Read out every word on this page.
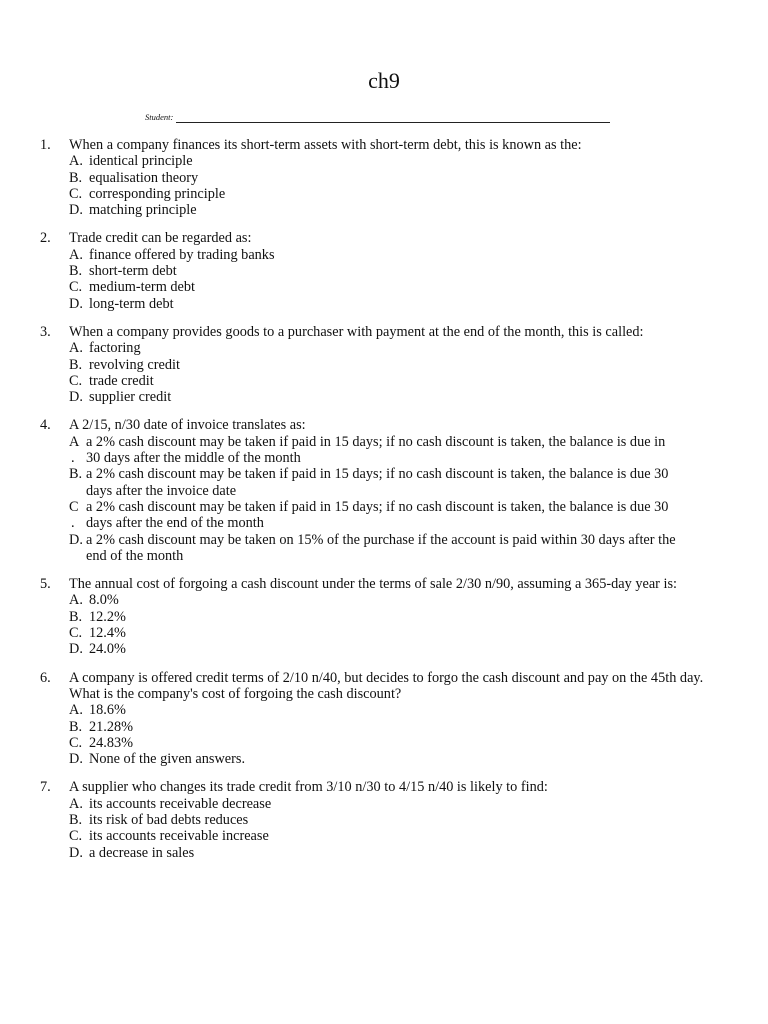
ch9
Student:
1. When a company finances its short-term assets with short-term debt, this is known as the:
A. identical principle
B. equalisation theory
C. corresponding principle
D. matching principle
2. Trade credit can be regarded as:
A. finance offered by trading banks
B. short-term debt
C. medium-term debt
D. long-term debt
3. When a company provides goods to a purchaser with payment at the end of the month, this is called:
A. factoring
B. revolving credit
C. trade credit
D. supplier credit
4. A 2/15, n/30 date of invoice translates as:
A
.
a 2% cash discount may be taken if paid in 15 days; if no cash discount is taken, the balance is due in
30 days after the middle of the month
B. a 2% cash discount may be taken if paid in 15 days; if no cash discount is taken, the balance is due 30
days after the invoice date
C
.
a 2% cash discount may be taken if paid in 15 days; if no cash discount is taken, the balance is due 30
days after the end of the month
D. a 2% cash discount may be taken on 15% of the purchase if the account is paid within 30 days after the
end of the month
5. The annual cost of forgoing a cash discount under the terms of sale 2/30 n/90, assuming a 365-day year is:
A. 8.0%
B. 12.2%
C. 12.4%
D. 24.0%
6. A company is offered credit terms of 2/10 n/40, but decides to forgo the cash discount and pay on the 45th day. What is the company's cost of forgoing the cash discount?
A. 18.6%
B. 21.28%
C. 24.83%
D. None of the given answers.
7. A supplier who changes its trade credit from 3/10 n/30 to 4/15 n/40 is likely to find:
A. its accounts receivable decrease
B. its risk of bad debts reduces
C. its accounts receivable increase
D. a decrease in sales
